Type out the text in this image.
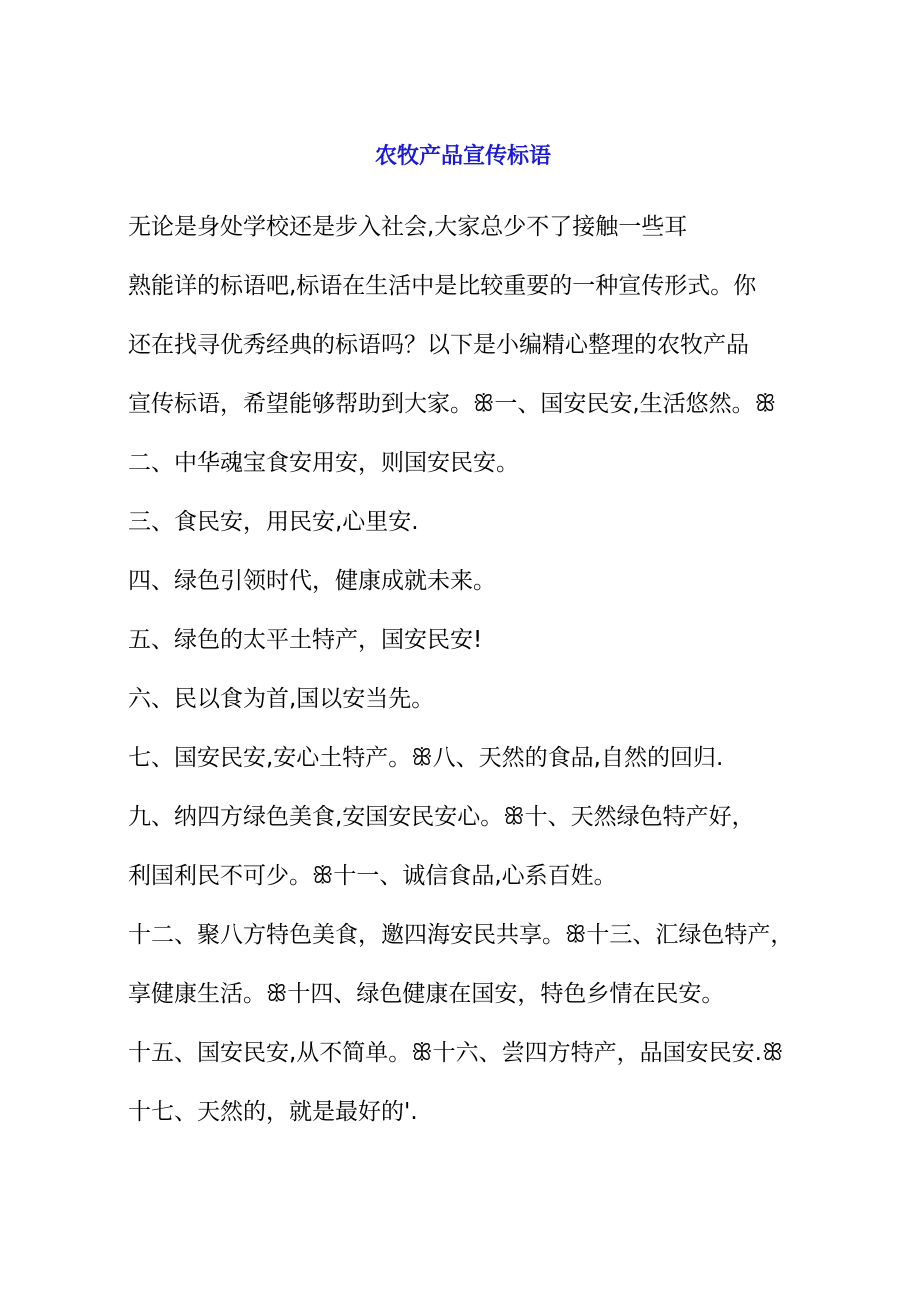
农牧产品宣传标语

无论是身处学校还是步入社会,大家总少不了接触一些耳

熟能详的标语吧,标语在生活中是比较重要的一种宣传形式。你

还在找寻优秀经典的标语吗？以下是小编精心整理的农牧产品

宣传标语，希望能够帮助到大家。ꕥ一、国安民安,生活悠然。ꕥ

二、中华魂宝食安用安，则国安民安。

三、食民安，用民安,心里安.

四、绿色引领时代，健康成就未来。

五、绿色的太平土特产，国安民安!

六、民以食为首,国以安当先。

七、国安民安,安心土特产。ꕥ八、天然的食品,自然的回归.

九、纳四方绿色美食,安国安民安心。ꕥ十、天然绿色特产好，

利国利民不可少。ꕥ十一、诚信食品,心系百姓。

十二、聚八方特色美食，邀四海安民共享。ꕥ十三、汇绿色特产，

享健康生活。ꕥ十四、绿色健康在国安，特色乡情在民安。

十五、国安民安,从不简单。ꕥ十六、尝四方特产，品国安民安.ꕥ

十七、天然的，就是最好的'.
